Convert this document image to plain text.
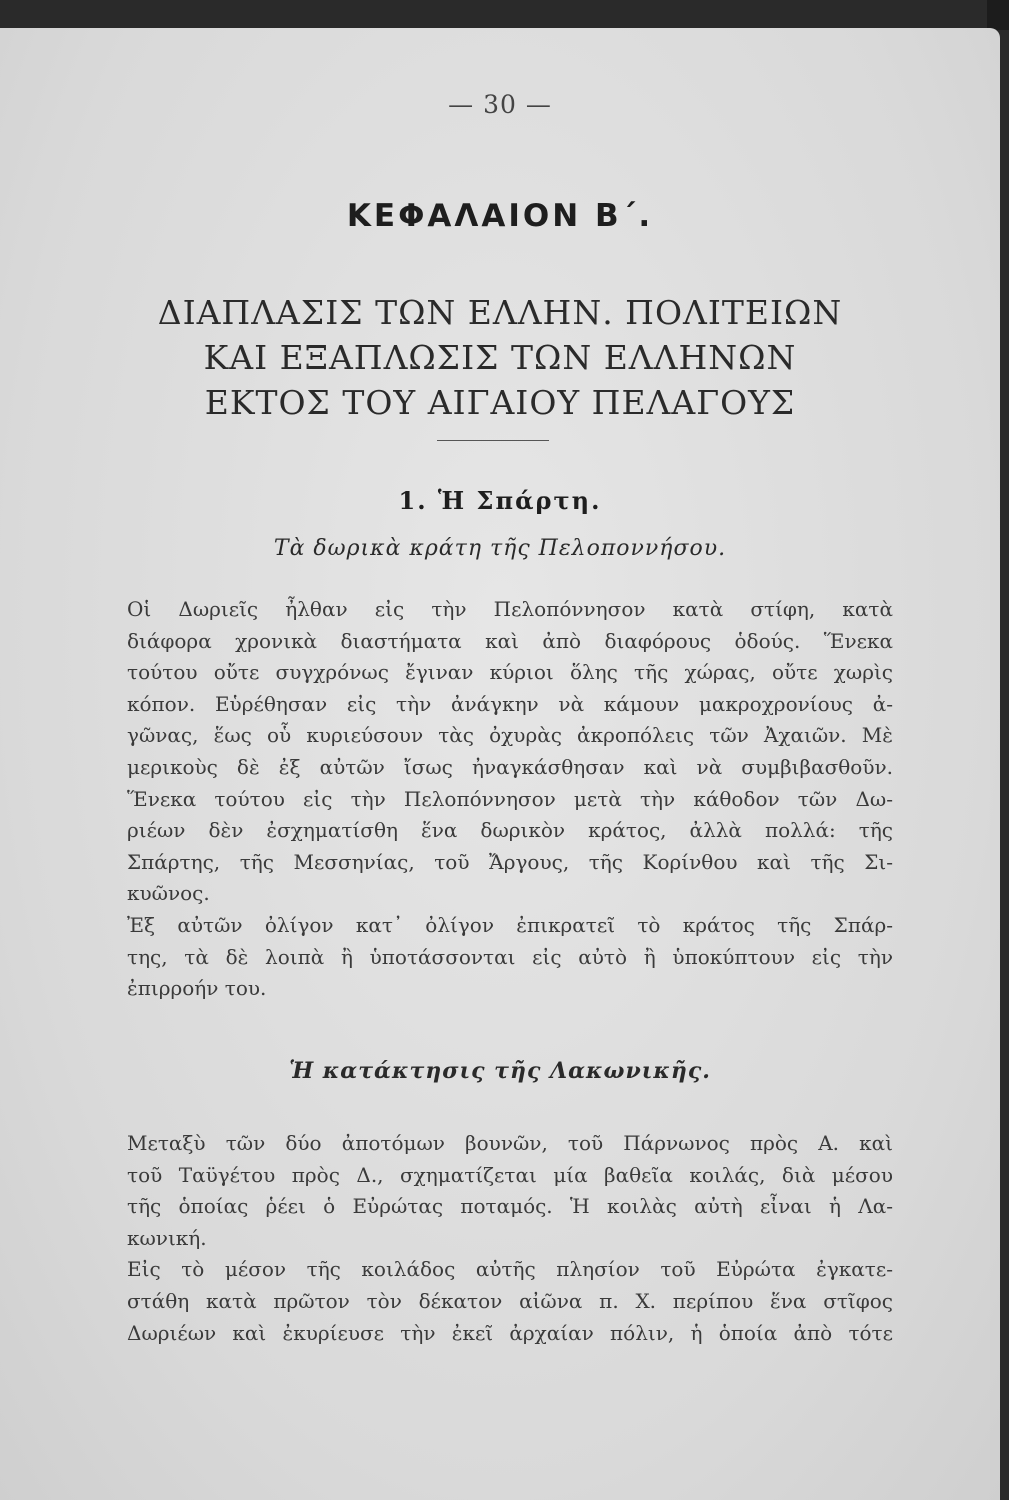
— 30 —
ΚΕΦΑΛΑΙΟΝ Β΄.
ΔΙΑΠΛΑΣΙΣ ΤΩΝ ΕΛΛΗΝ. ΠΟΛΙΤΕΙΩΝ
ΚΑΙ ΕΞΑΠΛΩΣΙΣ ΤΩΝ ΕΛΛΗΝΩΝ
ΕΚΤΟΣ ΤΟΥ ΑΙΓΑΙΟΥ ΠΕΛΑΓΟΥΣ
1. Ἡ Σπάρτη.
Τὰ δωρικὰ κράτη τῆς Πελοποννήσου.
Οἱ Δωριεῖς ἦλθαν εἰς τὴν Πελοπόννησον κατὰ στίφη, κατὰ
διάφορα χρονικὰ διαστήματα καὶ ἀπὸ διαφόρους ὁδούς. Ἕνεκα
τούτου οὔτε συγχρόνως ἔγιναν κύριοι ὅλης τῆς χώρας, οὔτε χωρὶς
κόπον. Εὑρέθησαν εἰς τὴν ἀνάγκην νὰ κάμουν μακροχρονίους ἀ-
γῶνας, ἕως οὗ κυριεύσουν τὰς ὀχυρὰς ἀκροπόλεις τῶν Ἀχαιῶν. Μὲ
μερικοὺς δὲ ἐξ αὐτῶν ἴσως ἠναγκάσθησαν καὶ νὰ συμβιβασθοῦν.
Ἕνεκα τούτου εἰς τὴν Πελοπόννησον μετὰ τὴν κάθοδον τῶν Δω-
ριέων δὲν ἐσχηματίσθη ἕνα δωρικὸν κράτος, ἀλλὰ πολλά: τῆς
Σπάρτης, τῆς Μεσσηνίας, τοῦ Ἄργους, τῆς Κορίνθου καὶ τῆς Σι-
κυῶνος.
Ἐξ αὐτῶν ὀλίγον κατ᾽ ὀλίγον ἐπικρατεῖ τὸ κράτος τῆς Σπάρ-
της, τὰ δὲ λοιπὰ ἢ ὑποτάσσονται εἰς αὐτὸ ἢ ὑποκύπτουν εἰς τὴν
ἐπιρροήν του.
Ἡ κατάκτησις τῆς Λακωνικῆς.
Μεταξὺ τῶν δύο ἀποτόμων βουνῶν, τοῦ Πάρνωνος πρὸς Α. καὶ
τοῦ Ταϋγέτου πρὸς Δ., σχηματίζεται μία βαθεῖα κοιλάς, διὰ μέσου
τῆς ὁποίας ῥέει ὁ Εὐρώτας ποταμός. Ἡ κοιλὰς αὐτὴ εἶναι ἡ Λα-
κωνική.
Εἰς τὸ μέσον τῆς κοιλάδος αὐτῆς πλησίον τοῦ Εὐρώτα ἐγκατε-
στάθη κατὰ πρῶτον τὸν δέκατον αἰῶνα π. Χ. περίπου ἕνα στῖφος
Δωριέων καὶ ἐκυρίευσε τὴν ἐκεῖ ἀρχαίαν πόλιν, ἡ ὁποία ἀπὸ τότε
